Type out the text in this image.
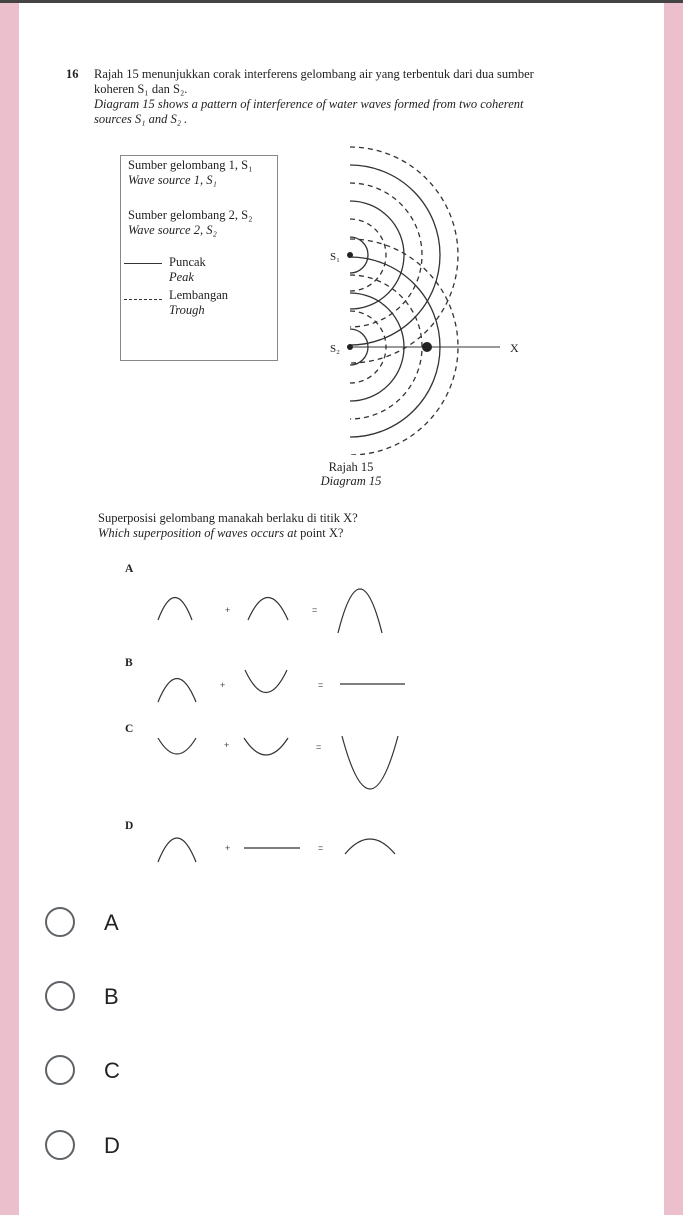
16 Rajah 15 menunjukkan corak interferens gelombang air yang terbentuk dari dua sumber
koheren S₁ dan S₂.
Diagram 15 shows a pattern of interference of water waves formed from two coherent
sources S₁ and S₂ .
Sumber gelombang 1, S₁
Wave source 1, S₁
Sumber gelombang 2, S₂
Wave source 2, S₂
Puncak
Peak
Lembangan
Trough
S₁
S₂	X
Rajah 15
Diagram 15
Superposisi gelombang manakah berlaku di titik X?
Which superposition of waves occurs at point X?
A
+	=
B
+	=
C
+	=
D
+	=
A
B
C
D
